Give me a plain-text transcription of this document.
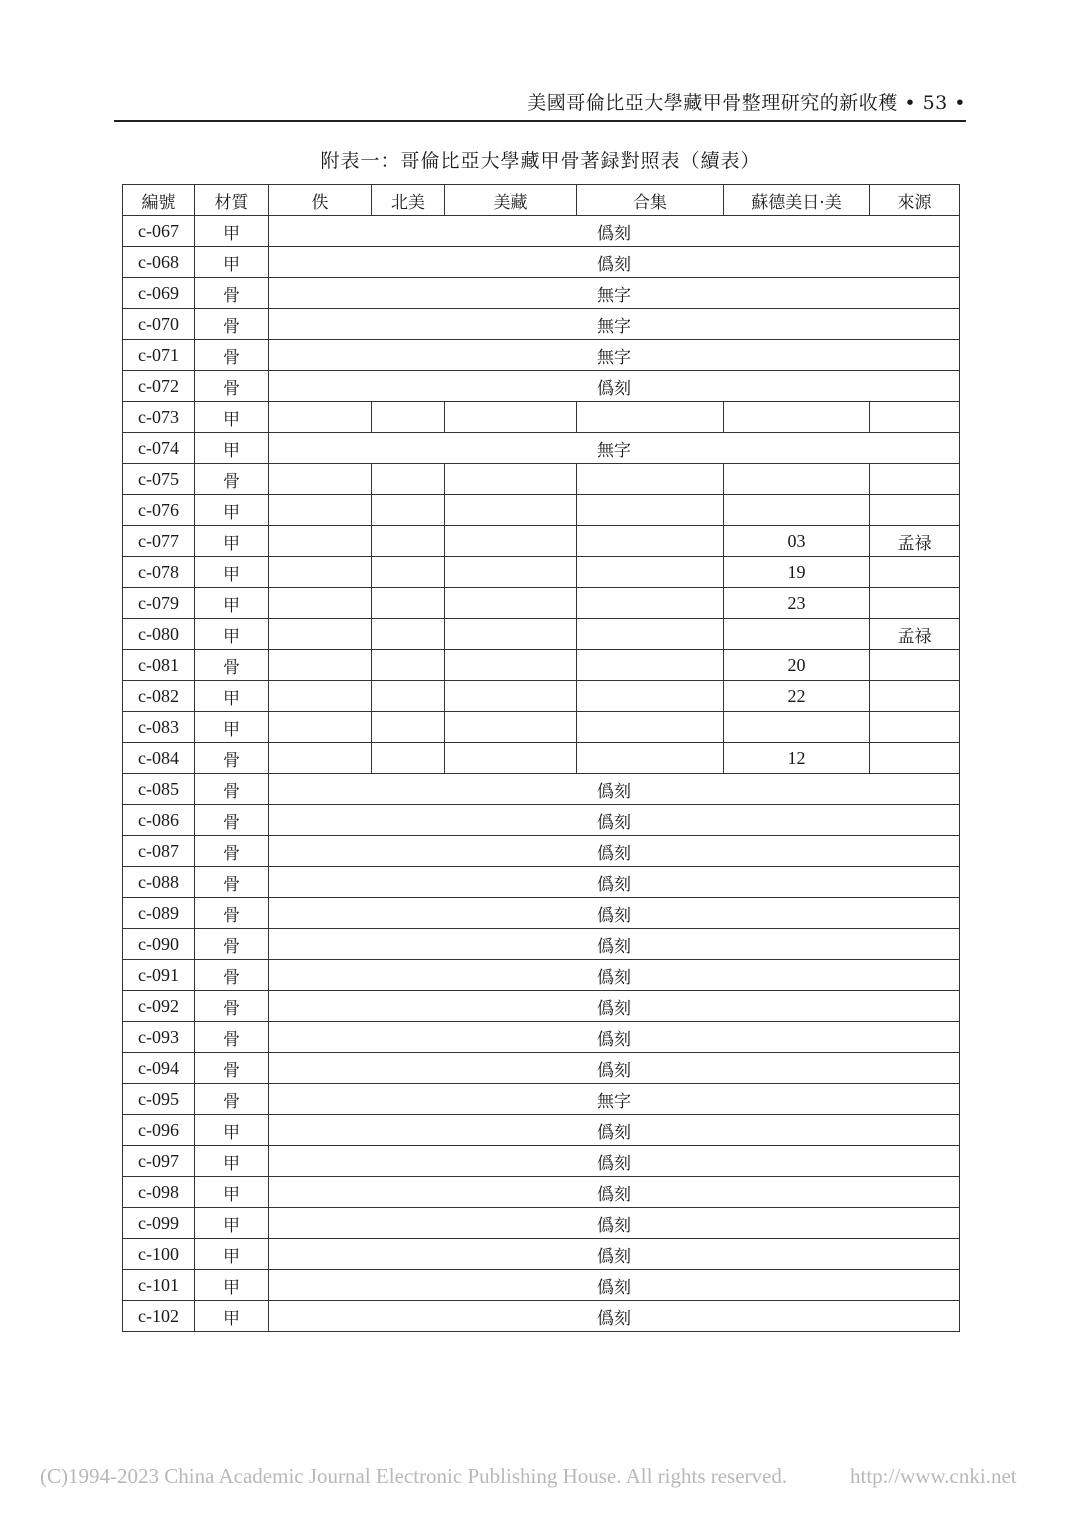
美國哥倫比亞大學藏甲骨整理研究的新收穫 • 53 •
附表一：哥倫比亞大學藏甲骨著録對照表（續表）
編號	材質	佚	北美	美藏	合集	蘇德美日·美	來源
c-067	甲	僞刻					
c-068	甲	僞刻					
c-069	骨	無字					
c-070	骨	無字					
c-071	骨	無字					
c-072	骨	僞刻					
c-073	甲						
c-074	甲	無字					
c-075	骨						
c-076	甲						
c-077	甲					03	孟禄
c-078	甲					19	
c-079	甲					23	
c-080	甲						孟禄
c-081	骨					20	
c-082	甲					22	
c-083	甲						
c-084	骨					12	
c-085	骨	僞刻					
c-086	骨	僞刻					
c-087	骨	僞刻					
c-088	骨	僞刻					
c-089	骨	僞刻					
c-090	骨	僞刻					
c-091	骨	僞刻					
c-092	骨	僞刻					
c-093	骨	僞刻					
c-094	骨	僞刻					
c-095	骨	無字					
c-096	甲	僞刻					
c-097	甲	僞刻					
c-098	甲	僞刻					
c-099	甲	僞刻					
c-100	甲	僞刻					
c-101	甲	僞刻					
c-102	甲	僞刻					
(C)1994-2023 China Academic Journal Electronic Publishing House. All rights reserved.	http://www.cnki.net
